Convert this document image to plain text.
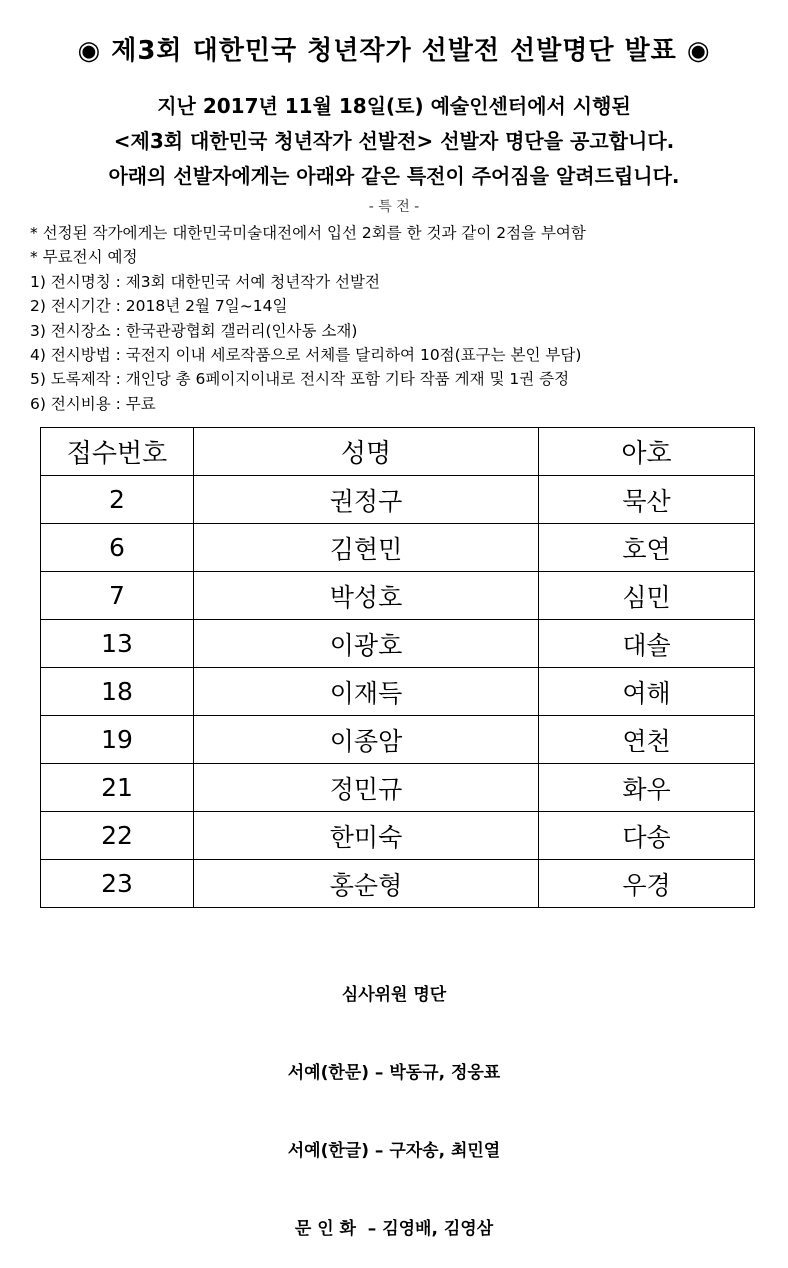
◉ 제3회 대한민국 청년작가 선발전 선발명단 발표 ◉
지난 2017년 11월 18일(토) 예술인센터에서 시행된
<제3회 대한민국 청년작가 선발전> 선발자 명단을 공고합니다.
아래의 선발자에게는 아래와 같은 특전이 주어짐을 알려드립니다.
- 특 전 -
* 선정된 작가에게는 대한민국미술대전에서 입선 2회를 한 것과 같이 2점을 부여함
* 무료전시 예정
1) 전시명칭 : 제3회 대한민국 서예 청년작가 선발전
2) 전시기간 : 2018년 2월 7일~14일
3) 전시장소 : 한국관광협회 갤러리(인사동 소재)
4) 전시방법 : 국전지 이내 세로작품으로 서체를 달리하여 10점(표구는 본인 부담)
5) 도록제작 : 개인당 총 6페이지이내로 전시작 포함 기타 작품 게재 및 1권 증정
6) 전시비용 : 무료
접수번호	성명	아호
2	권정구	묵산
6	김현민	호연
7	박성호	심민
13	이광호	대솔
18	이재득	여해
19	이종암	연천
21	정민규	화우
22	한미숙	다송
23	홍순형	우경

심사위원 명단

서예(한문) – 박동규, 정웅표

서예(한글) – 구자송, 최민열

문 인 화  – 김영배, 김영삼
